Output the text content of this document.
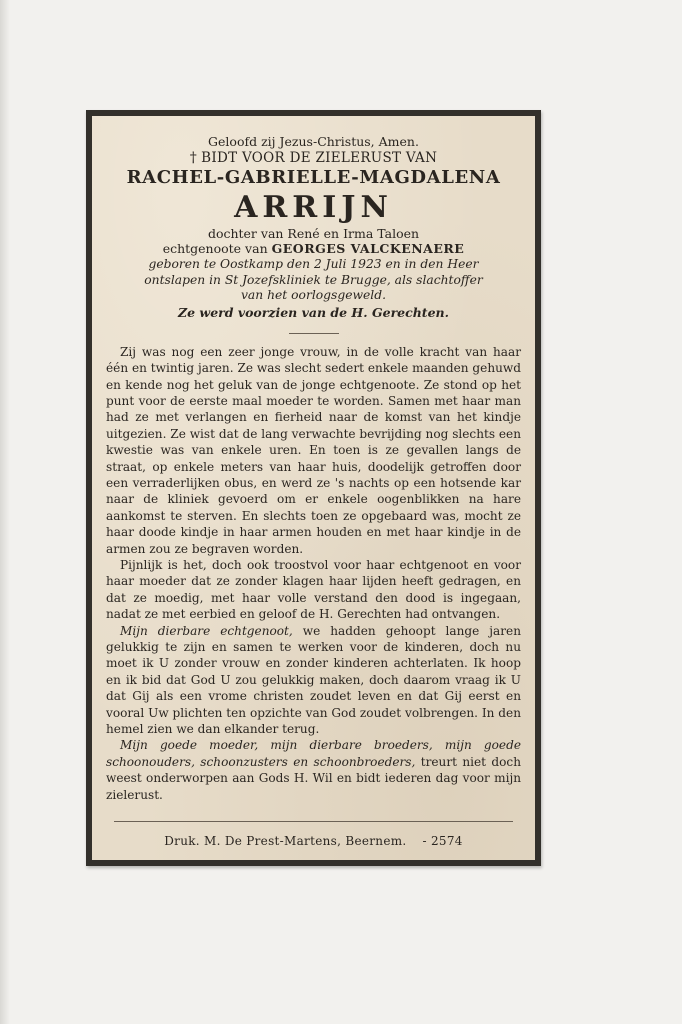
Geloofd zij Jezus-Christus, Amen.

† BIDT VOOR DE ZIELERUST VAN

RACHEL-GABRIELLE-MAGDALENA

ARRIJN

dochter van René en Irma Taloen

echtgenoote van GEORGES VALCKENAERE

geboren te Oostkamp den 2 Juli 1923 en in den Heer

ontslapen in St Jozefskliniek te Brugge, als slachtoffer

van het oorlogsgeweld.

Ze werd voorzien van de H. Gerechten.

Zij was nog een zeer jonge vrouw, in de volle kracht van haar één en twintig jaren. Ze was slecht sedert enkele maanden gehuwd en kende nog het geluk van de jonge echtgenoote. Ze stond op het punt voor de eerste maal moeder te worden. Samen met haar man had ze met verlangen en fierheid naar de komst van het kindje uitgezien. Ze wist dat de lang verwachte bevrijding nog slechts een kwestie was van enkele uren. En toen is ze gevallen langs de straat, op enkele meters van haar huis, doodelijk getroffen door een verraderlijken obus, en werd ze 's nachts op een hotsende kar naar de kliniek gevoerd om er enkele oogenblikken na hare aankomst te sterven. En slechts toen ze opgebaard was, mocht ze haar doode kindje in haar armen houden en met haar kindje in de armen zou ze begraven worden.

Pijnlijk is het, doch ook troostvol voor haar echtgenoot en voor haar moeder dat ze zonder klagen haar lijden heeft gedragen, en dat ze moedig, met haar volle verstand den dood is ingegaan, nadat ze met eerbied en geloof de H. Gerechten had ontvangen.

Mijn dierbare echtgenoot, we hadden gehoopt lange jaren gelukkig te zijn en samen te werken voor de kinderen, doch nu moet ik U zonder vrouw en zonder kinderen achterlaten. Ik hoop en ik bid dat God U zou gelukkig maken, doch daarom vraag ik U dat Gij als een vrome christen zoudet leven en dat Gij eerst en vooral Uw plichten ten opzichte van God zoudet volbrengen. In den hemel zien we dan elkander terug.

Mijn goede moeder, mijn dierbare broeders, mijn goede schoonouders, schoonzusters en schoonbroeders, treurt niet doch weest onderworpen aan Gods H. Wil en bidt iederen dag voor mijn zielerust.

Druk. M. De Prest-Martens, Beernem. - 2574
